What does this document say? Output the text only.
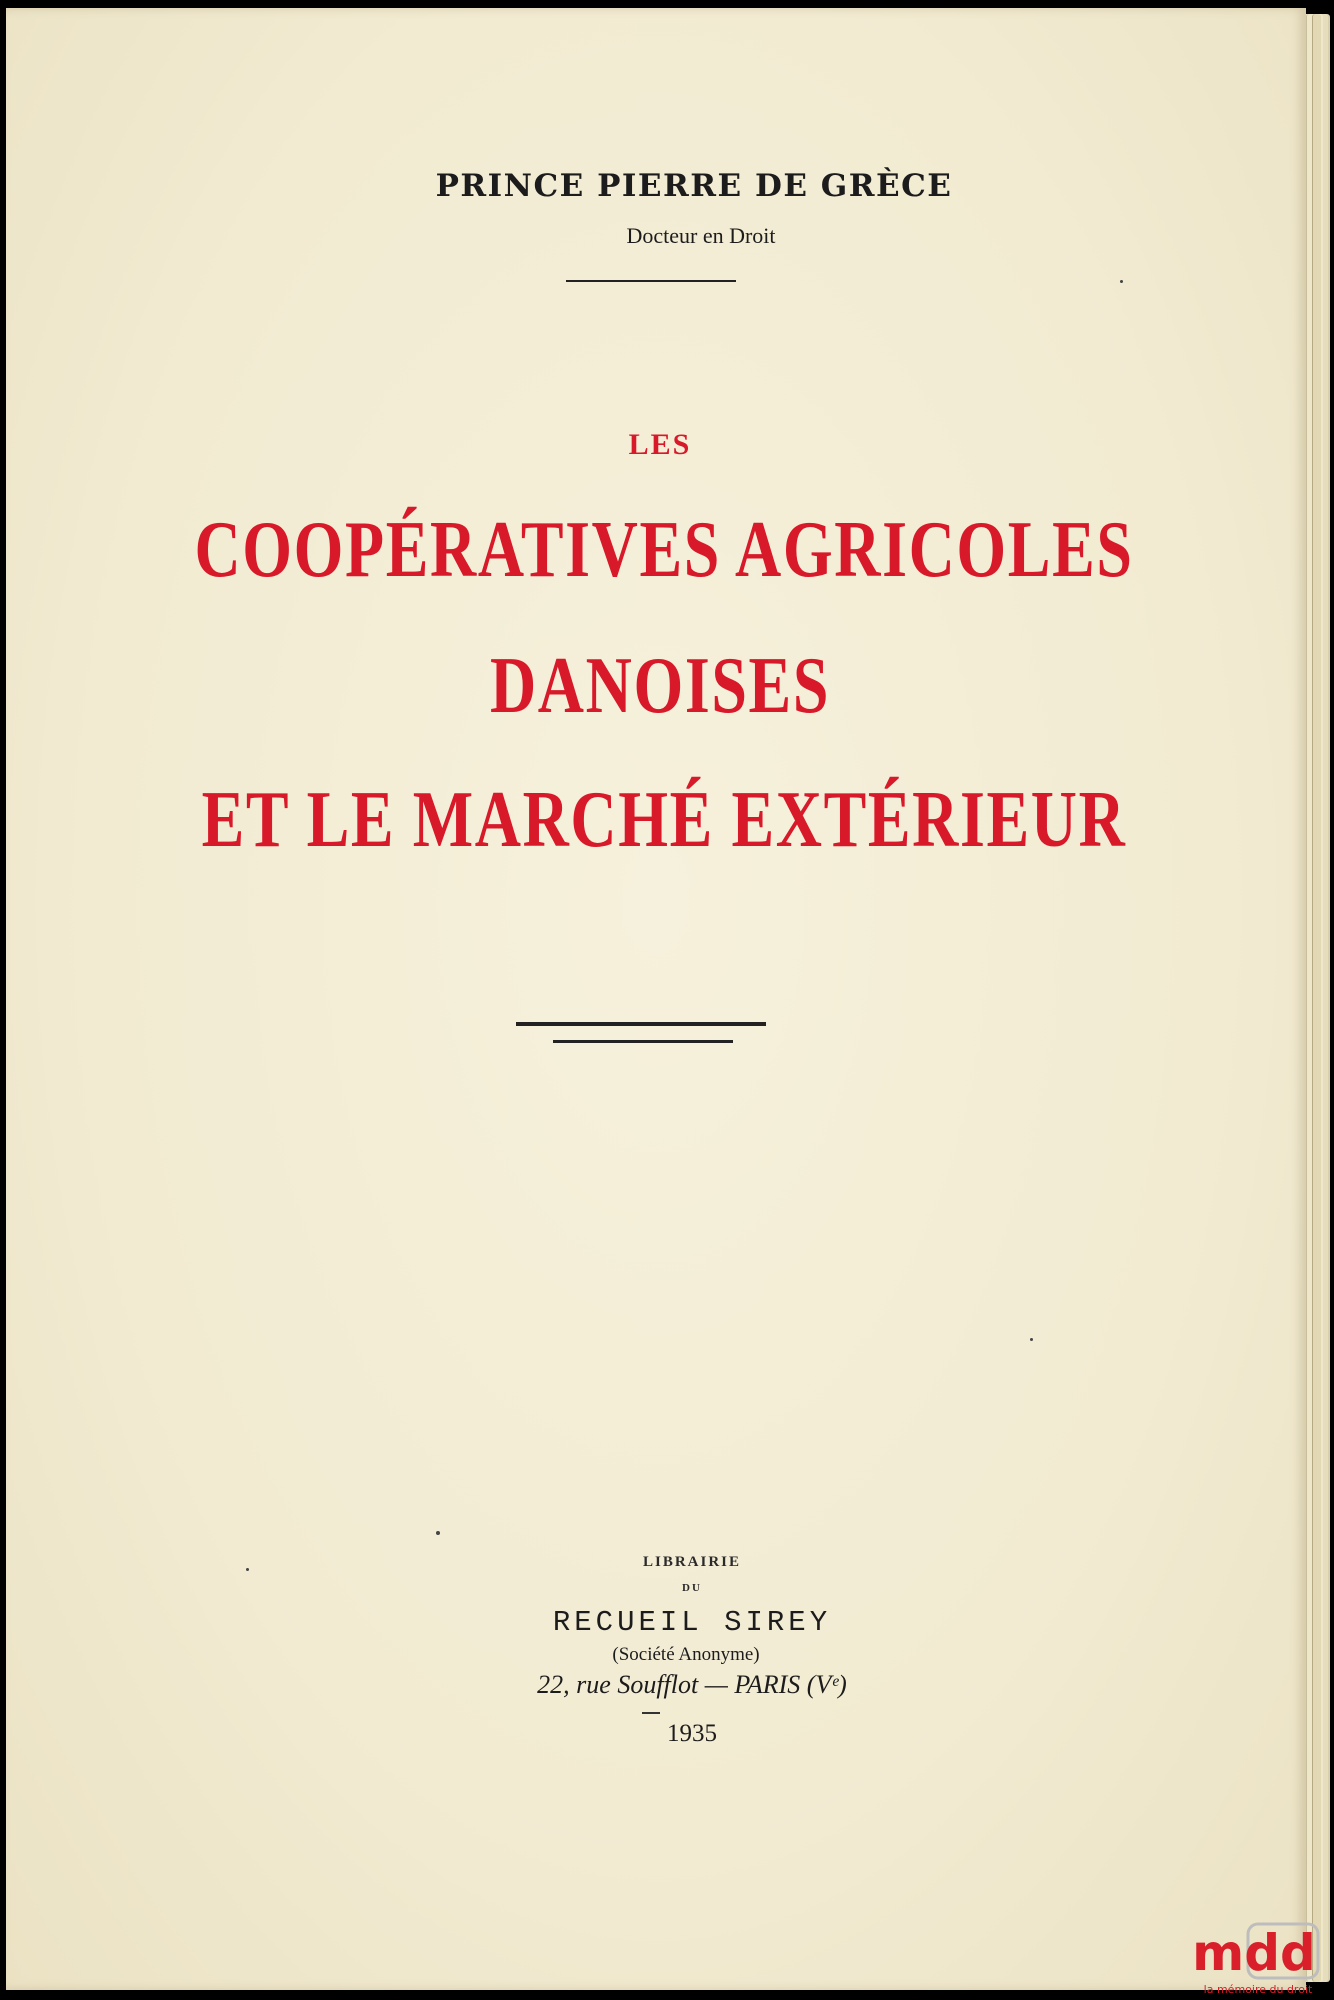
PRINCE PIERRE DE GRÈCE
Docteur en Droit
LES
COOPÉRATIVES AGRICOLES
DANOISES
ET LE MARCHÉ EXTÉRIEUR
LIBRAIRIE
DU
RECUEIL SIREY
(Société Anonyme)
22, rue Soufflot — PARIS (Vᵉ)
1935
mdd
la mémoire du droit
